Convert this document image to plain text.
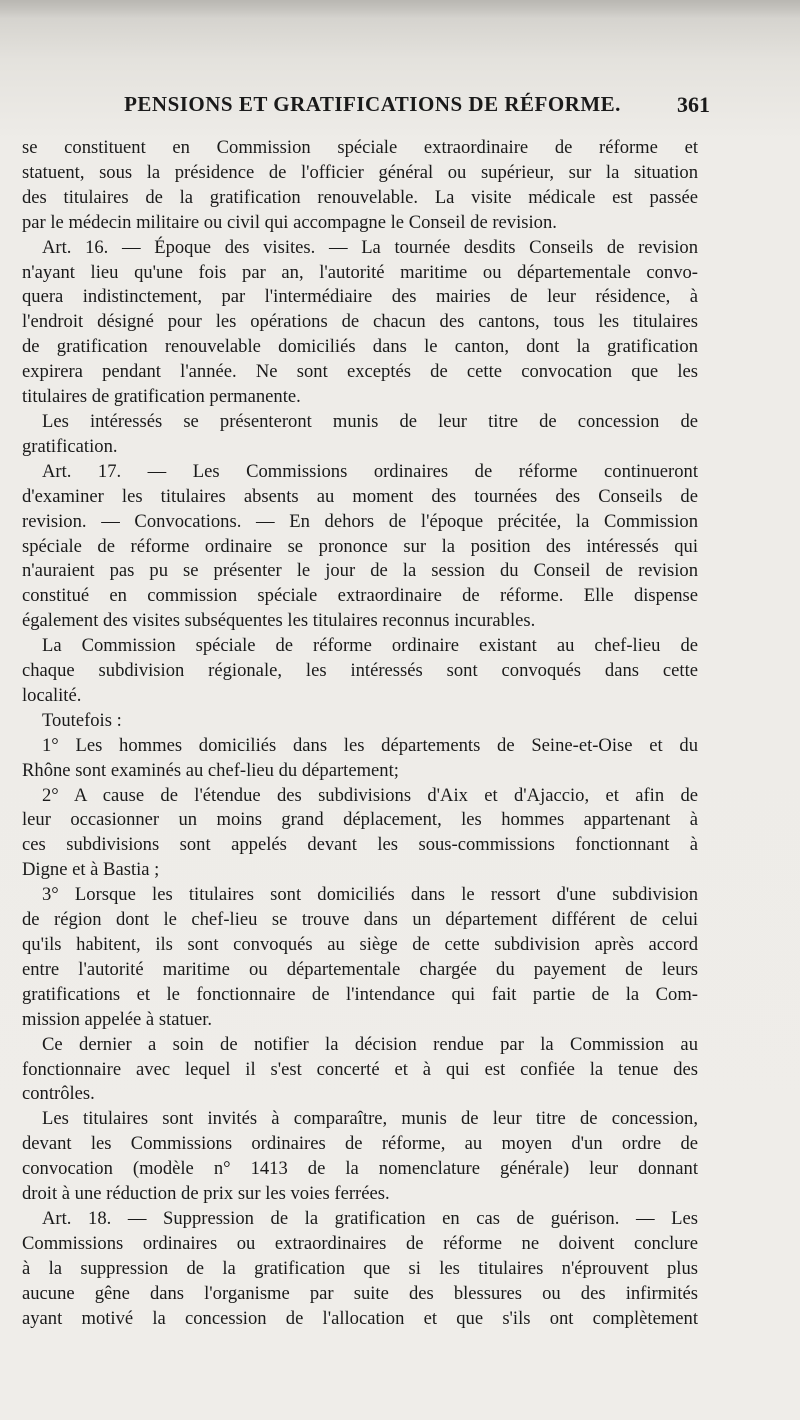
PENSIONS ET GRATIFICATIONS DE RÉFORME.	361
se constituent en Commission spéciale extraordinaire de réforme et
statuent, sous la présidence de l'officier général ou supérieur, sur la situation
des titulaires de la gratification renouvelable. La visite médicale est passée
par le médecin militaire ou civil qui accompagne le Conseil de revision.
Art. 16. — Époque des visites. — La tournée desdits Conseils de revision
n'ayant lieu qu'une fois par an, l'autorité maritime ou départementale convo-
quera indistinctement, par l'intermédiaire des mairies de leur résidence, à
l'endroit désigné pour les opérations de chacun des cantons, tous les titulaires
de gratification renouvelable domiciliés dans le canton, dont la gratification
expirera pendant l'année. Ne sont exceptés de cette convocation que les
titulaires de gratification permanente.
Les intéressés se présenteront munis de leur titre de concession de
gratification.
Art. 17. — Les Commissions ordinaires de réforme continueront
d'examiner les titulaires absents au moment des tournées des Conseils de
revision. — Convocations. — En dehors de l'époque précitée, la Commission
spéciale de réforme ordinaire se prononce sur la position des intéressés qui
n'auraient pas pu se présenter le jour de la session du Conseil de revision
constitué en commission spéciale extraordinaire de réforme. Elle dispense
également des visites subséquentes les titulaires reconnus incurables.
La Commission spéciale de réforme ordinaire existant au chef-lieu de
chaque subdivision régionale, les intéressés sont convoqués dans cette
localité.
Toutefois :
1° Les hommes domiciliés dans les départements de Seine-et-Oise et du
Rhône sont examinés au chef-lieu du département;
2° A cause de l'étendue des subdivisions d'Aix et d'Ajaccio, et afin de
leur occasionner un moins grand déplacement, les hommes appartenant à
ces subdivisions sont appelés devant les sous-commissions fonctionnant à
Digne et à Bastia ;
3° Lorsque les titulaires sont domiciliés dans le ressort d'une subdivision
de région dont le chef-lieu se trouve dans un département différent de celui
qu'ils habitent, ils sont convoqués au siège de cette subdivision après accord
entre l'autorité maritime ou départementale chargée du payement de leurs
gratifications et le fonctionnaire de l'intendance qui fait partie de la Com-
mission appelée à statuer.
Ce dernier a soin de notifier la décision rendue par la Commission au
fonctionnaire avec lequel il s'est concerté et à qui est confiée la tenue des
contrôles.
Les titulaires sont invités à comparaître, munis de leur titre de concession,
devant les Commissions ordinaires de réforme, au moyen d'un ordre de
convocation (modèle n° 1413 de la nomenclature générale) leur donnant
droit à une réduction de prix sur les voies ferrées.
Art. 18. — Suppression de la gratification en cas de guérison. — Les
Commissions ordinaires ou extraordinaires de réforme ne doivent conclure
à la suppression de la gratification que si les titulaires n'éprouvent plus
aucune gêne dans l'organisme par suite des blessures ou des infirmités
ayant motivé la concession de l'allocation et que s'ils ont complètement
